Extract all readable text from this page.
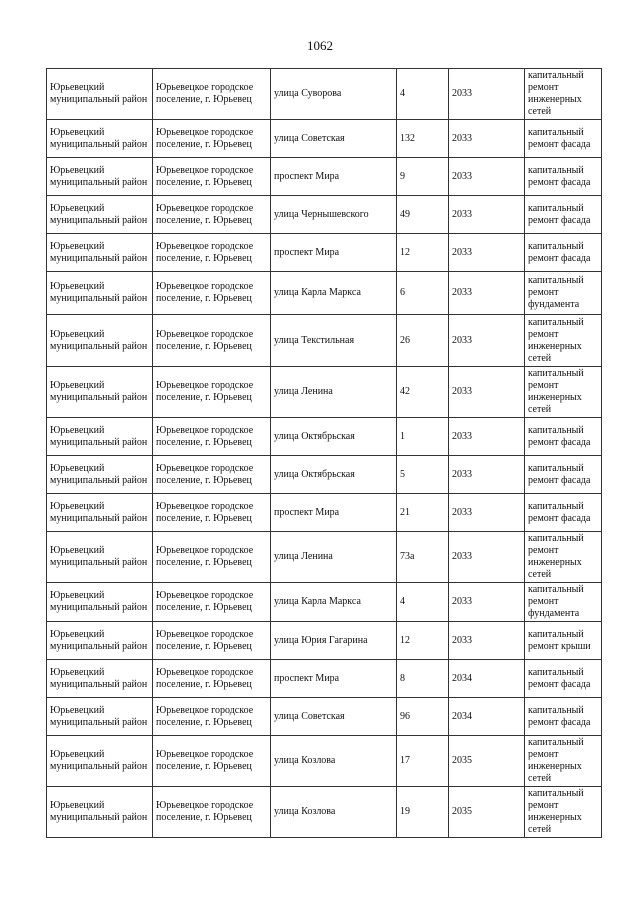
1062
Юрьевецкий муниципальный район	Юрьевецкое городское поселение, г. Юрьевец	улица Суворова	4	2033	капитальный ремонт инженерных сетей
Юрьевецкий муниципальный район	Юрьевецкое городское поселение, г. Юрьевец	улица Советская	132	2033	капитальный ремонт фасада
Юрьевецкий муниципальный район	Юрьевецкое городское поселение, г. Юрьевец	проспект Мира	9	2033	капитальный ремонт фасада
Юрьевецкий муниципальный район	Юрьевецкое городское поселение, г. Юрьевец	улица Чернышевского	49	2033	капитальный ремонт фасада
Юрьевецкий муниципальный район	Юрьевецкое городское поселение, г. Юрьевец	проспект Мира	12	2033	капитальный ремонт фасада
Юрьевецкий муниципальный район	Юрьевецкое городское поселение, г. Юрьевец	улица Карла Маркса	6	2033	капитальный ремонт фундамента
Юрьевецкий муниципальный район	Юрьевецкое городское поселение, г. Юрьевец	улица Текстильная	26	2033	капитальный ремонт инженерных сетей
Юрьевецкий муниципальный район	Юрьевецкое городское поселение, г. Юрьевец	улица Ленина	42	2033	капитальный ремонт инженерных сетей
Юрьевецкий муниципальный район	Юрьевецкое городское поселение, г. Юрьевец	улица Октябрьская	1	2033	капитальный ремонт фасада
Юрьевецкий муниципальный район	Юрьевецкое городское поселение, г. Юрьевец	улица Октябрьская	5	2033	капитальный ремонт фасада
Юрьевецкий муниципальный район	Юрьевецкое городское поселение, г. Юрьевец	проспект Мира	21	2033	капитальный ремонт фасада
Юрьевецкий муниципальный район	Юрьевецкое городское поселение, г. Юрьевец	улица Ленина	73а	2033	капитальный ремонт инженерных сетей
Юрьевецкий муниципальный район	Юрьевецкое городское поселение, г. Юрьевец	улица Карла Маркса	4	2033	капитальный ремонт фундамента
Юрьевецкий муниципальный район	Юрьевецкое городское поселение, г. Юрьевец	улица Юрия Гагарина	12	2033	капитальный ремонт крыши
Юрьевецкий муниципальный район	Юрьевецкое городское поселение, г. Юрьевец	проспект Мира	8	2034	капитальный ремонт фасада
Юрьевецкий муниципальный район	Юрьевецкое городское поселение, г. Юрьевец	улица Советская	96	2034	капитальный ремонт фасада
Юрьевецкий муниципальный район	Юрьевецкое городское поселение, г. Юрьевец	улица Козлова	17	2035	капитальный ремонт инженерных сетей
Юрьевецкий муниципальный район	Юрьевецкое городское поселение, г. Юрьевец	улица Козлова	19	2035	капитальный ремонт инженерных сетей
